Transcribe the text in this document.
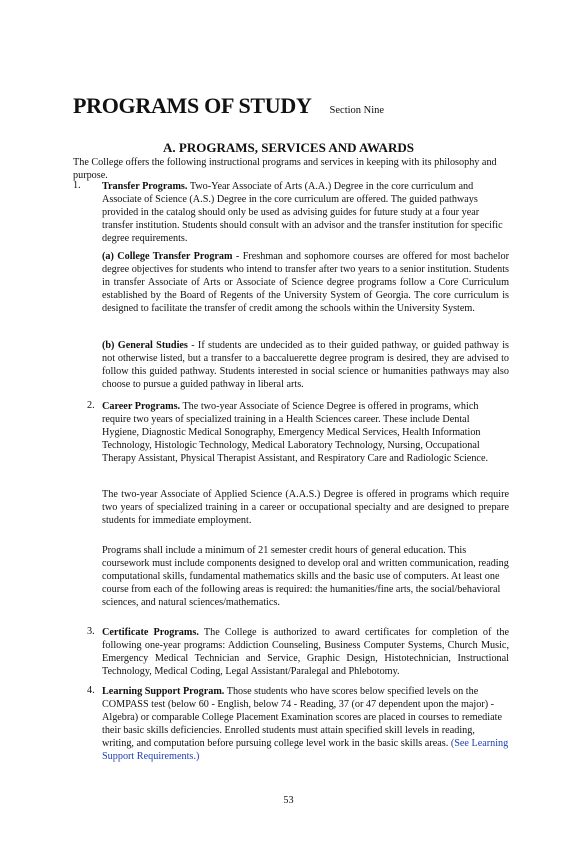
PROGRAMS OF STUDY Section Nine
A. PROGRAMS, SERVICES AND AWARDS
The College offers the following instructional programs and services in keeping with its philosophy and purpose.
1. Transfer Programs. Two-Year Associate of Arts (A.A.) Degree in the core curriculum and Associate of Science (A.S.) Degree in the core curriculum are offered. The guided pathways provided in the catalog should only be used as advising guides for future study at a four year transfer institution. Students should consult with an advisor and the transfer institution for specific degree requirements.
(a) College Transfer Program - Freshman and sophomore courses are offered for most bachelor degree objectives for students who intend to transfer after two years to a senior institution. Students in transfer Associate of Arts or Associate of Science degree programs follow a Core Curriculum established by the Board of Regents of the University System of Georgia. The core curriculum is designed to facilitate the transfer of credit among the schools within the University System.
(b) General Studies - If students are undecided as to their guided pathway, or guided pathway is not otherwise listed, but a transfer to a baccaluerette degree program is desired, they are advised to follow this guided pathway. Students interested in social science or humanities pathways may also choose to pursue a guided pathway in liberal arts.
2. Career Programs. The two-year Associate of Science Degree is offered in programs, which require two years of specialized training in a Health Sciences career. These include Dental Hygiene, Diagnostic Medical Sonography, Emergency Medical Services, Health Information Technology, Histologic Technology, Medical Laboratory Technology, Nursing, Occupational Therapy Assistant, Physical Therapist Assistant, and Respiratory Care and Radiologic Science.
The two-year Associate of Applied Science (A.A.S.) Degree is offered in programs which require two years of specialized training in a career or occupational specialty and are designed to prepare students for immediate employment.
Programs shall include a minimum of 21 semester credit hours of general education. This coursework must include components designed to develop oral and written communication, reading computational skills, fundamental mathematics skills and the basic use of computers. At least one course from each of the following areas is required: the humanities/fine arts, the social/behavioral sciences, and natural sciences/mathematics.
3. Certificate Programs. The College is authorized to award certificates for completion of the following one-year programs: Addiction Counseling, Business Computer Systems, Church Music, Emergency Medical Technician and Service, Graphic Design, Histotechnician, Instructional Technology, Medical Coding, Legal Assistant/Paralegal and Phlebotomy.
4. Learning Support Program. Those students who have scores below specified levels on the COMPASS test (below 60 - English, below 74 - Reading, 37 (or 47 dependent upon the major) - Algebra) or comparable College Placement Examination scores are placed in courses to remediate their basic skills deficiencies. Enrolled students must attain specified skill levels in reading, writing, and computation before pursuing college level work in the basic skills areas. (See Learning Support Requirements.)
53
